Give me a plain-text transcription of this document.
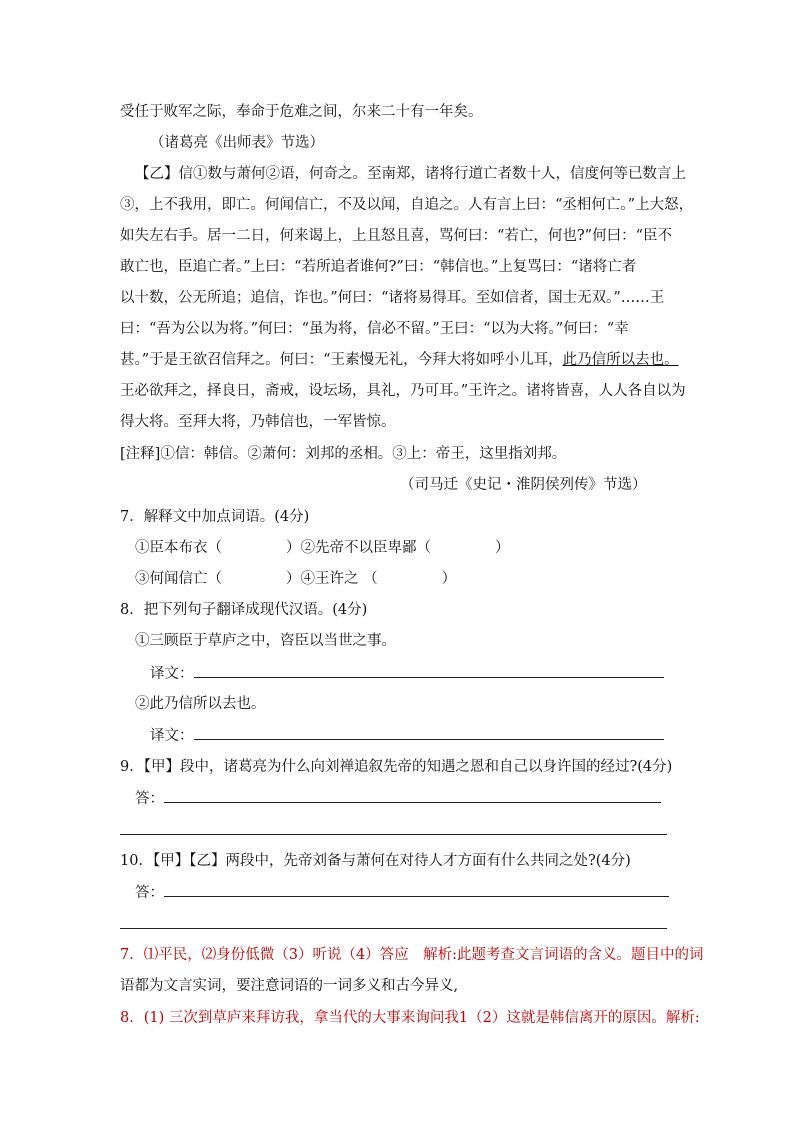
受任于败军之际，奉命于危难之间，尔来二十有一年矣。
（诸葛亮《出师表》节选）
【乙】信①数与萧何②语，何奇之。至南郑，诸将行道亡者数十人，信度何等已数言上
③，上不我用，即亡。何闻信亡，不及以闻，自追之。人有言上曰：“丞相何亡。”上大怒，
如失左右手。居一二日，何来谒上，上且怒且喜，骂何曰：“若亡，何也?”何曰：“臣不
敢亡也，臣追亡者。”上曰：“若所追者谁何?”曰：“韩信也。”上复骂曰：“诸将亡者
以十数，公无所追；追信，诈也。”何曰：“诸将易得耳。至如信者，国士无双。”……王
曰：“吾为公以为将。”何曰：“虽为将，信必不留。”王曰：“以为大将。”何曰：“幸
甚。”于是王欲召信拜之。何曰：“王素慢无礼，今拜大将如呼小儿耳，此乃信所以去也。
王必欲拜之，择良日，斋戒，设坛场，具礼，乃可耳。”王许之。诸将皆喜，人人各自以为
得大将。至拜大将，乃韩信也，一军皆惊。
[注释]①信：韩信。②萧何：刘邦的丞相。③上：帝王，这里指刘邦。
（司马迁《史记・淮阴侯列传》节选）
7．解释文中加点词语。(4分)
①臣本布衣（	）②先帝不以臣卑鄙（	）
③何闻信亡（	）④王许之 （	）
8．把下列句子翻译成现代汉语。(4分)
①三顾臣于草庐之中，咨臣以当世之事。
译文：
②此乃信所以去也。
译文：
9．【甲】段中，诸葛亮为什么向刘禅追叙先帝的知遇之恩和自己以身许国的经过?(4分)
答：
10．【甲】【乙】两段中，先帝刘备与萧何在对待人才方面有什么共同之处?(4分)
答：
7．⑴平民，⑵身份低微（3）听说（4）答应　解析:此题考查文言词语的含义。题目中的词
语都为文言实词，要注意词语的一词多义和古今异义,
8．(1) 三次到草庐来拜访我，拿当代的大事来询问我1（2）这就是韩信离开的原因。解析:
